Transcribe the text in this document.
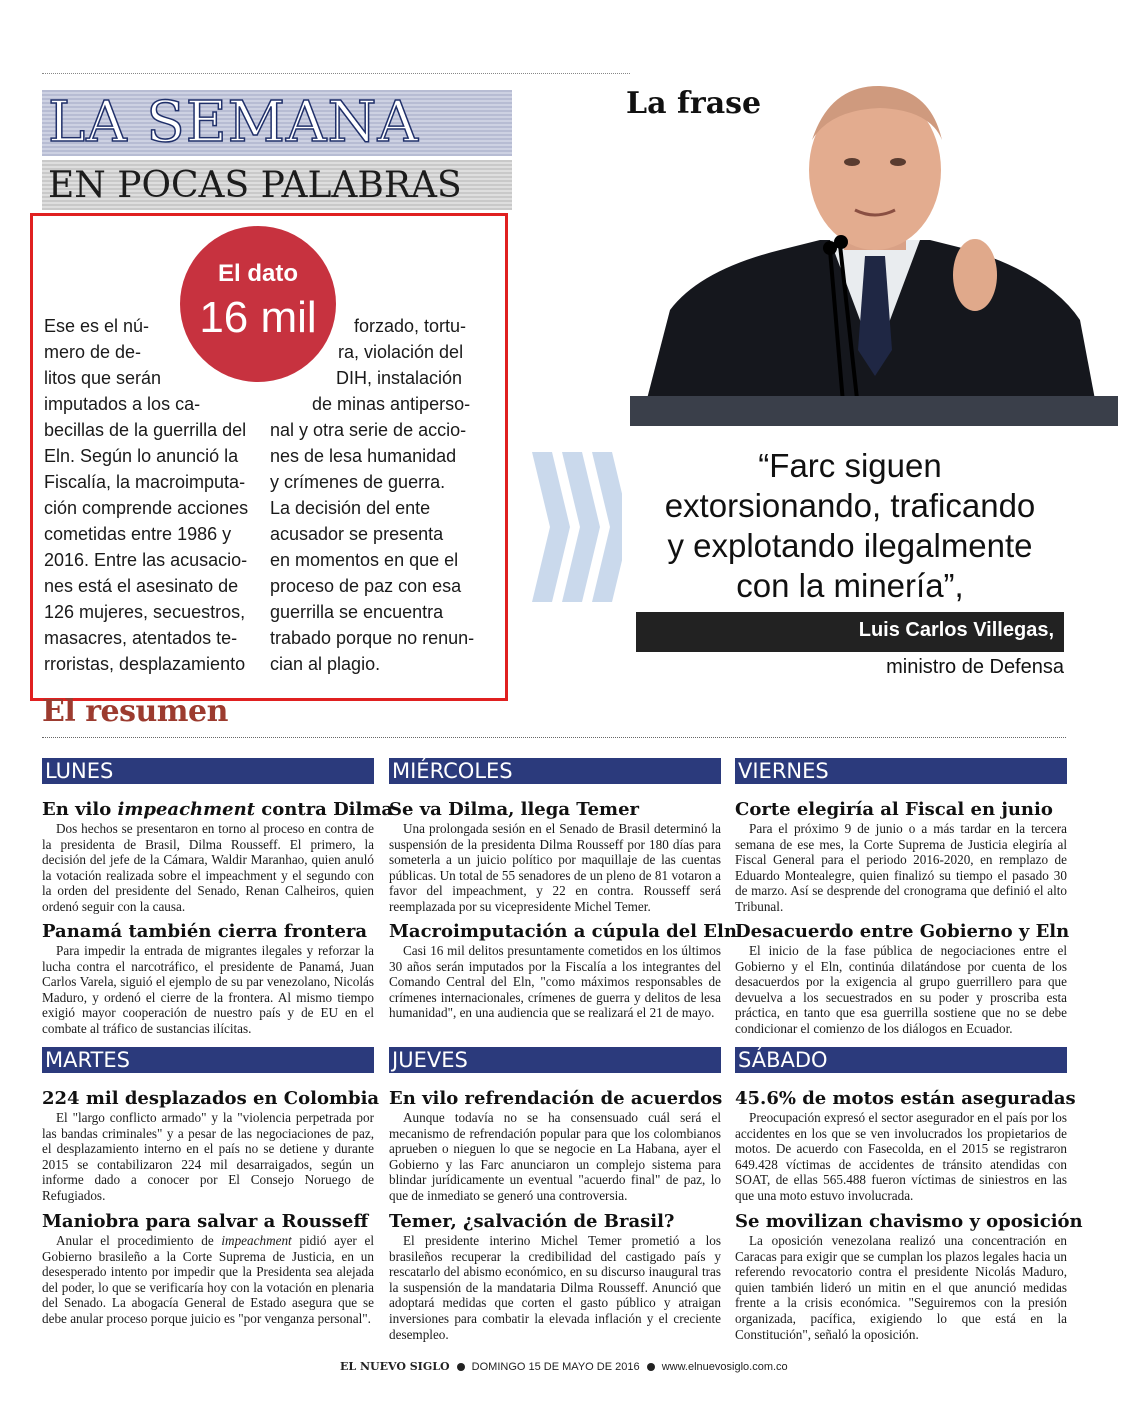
LA SEMANA
EN POCAS PALABRAS
El dato
16 mil
Ese es el nú-
mero de de-
litos que serán
imputados a los ca-
becillas de la guerrilla del
Eln. Según lo anunció la
Fiscalía, la macroimputa-
ción comprende acciones
cometidas entre 1986 y
2016. Entre las acusacio-
nes está el asesinato de
126 mujeres, secuestros,
masacres, atentados te-
rroristas, desplazamiento
forzado, tortu-
ra, violación del
DIH, instalación
de minas antiperso-
nal y otra serie de accio-
nes de lesa humanidad
y crímenes de guerra.
La decisión del ente
acusador se presenta
en momentos en que el
proceso de paz con esa
guerrilla se encuentra
trabado porque no renun-
cian al plagio.
La frase
“Farc siguen
extorsionando, traficando
y explotando ilegalmente
con la minería”,
Luis Carlos Villegas,
ministro de Defensa
El resumen
LUNES
En vilo impeachment contra Dilma

Dos hechos se presentaron en torno al proceso en contra de la presidenta de Brasil, Dilma Rousseff. El primero, la decisión del jefe de la Cámara, Waldir Maranhao, quien anuló la votación realizada sobre el impeachment y el segundo con la orden del presidente del Senado, Renan Calheiros, quien ordenó seguir con la causa.

Panamá también cierra frontera

Para impedir la entrada de migrantes ilegales y reforzar la lucha contra el narcotráfico, el presidente de Panamá, Juan Carlos Varela, siguió el ejemplo de su par venezolano, Nicolás Maduro, y ordenó el cierre de la frontera. Al mismo tiempo exigió mayor cooperación de nuestro país y de EU en el combate al tráfico de sustancias ilícitas.

MIÉRCOLES
Se va Dilma, llega Temer

Una prolongada sesión en el Senado de Brasil determinó la suspensión de la presidenta Dilma Rousseff por 180 días para someterla a un juicio político por maquillaje de las cuentas públicas. Un total de 55 senadores de un pleno de 81 votaron a favor del impeachment, y 22 en contra. Rousseff será reemplazada por su vicepresidente Michel Temer.

Macroimputación a cúpula del Eln

Casi 16 mil delitos presuntamente cometidos en los últimos 30 años serán imputados por la Fiscalía a los integrantes del Comando Central del Eln, "como máximos responsables de crímenes internacionales, crímenes de guerra y delitos de lesa humanidad", en una audiencia que se realizará el 21 de mayo.

VIERNES
Corte elegiría al Fiscal en junio

Para el próximo 9 de junio o a más tardar en la tercera semana de ese mes, la Corte Suprema de Justicia elegiría al Fiscal General para el periodo 2016-2020, en remplazo de Eduardo Montealegre, quien finalizó su tiempo el pasado 30 de marzo. Así se desprende del cronograma que definió el alto Tribunal.

Desacuerdo entre Gobierno y Eln

El inicio de la fase pública de negociaciones entre el Gobierno y el Eln, continúa dilatándose por cuenta de los desacuerdos por la exigencia al grupo guerrillero para que devuelva a los secuestrados en su poder y proscriba esta práctica, en tanto que esa guerrilla sostiene que no se debe condicionar el comienzo de los diálogos en Ecuador.

MARTES
224 mil desplazados en Colombia

El "largo conflicto armado" y la "violencia perpetrada por las bandas criminales" y a pesar de las negociaciones de paz, el desplazamiento interno en el país no se detiene y durante 2015 se contabilizaron 224 mil desarraigados, según un informe dado a conocer por El Consejo Noruego de Refugiados.

Maniobra para salvar a Rousseff

Anular el procedimiento de impeachment pidió ayer el Gobierno brasileño a la Corte Suprema de Justicia, en un desesperado intento por impedir que la Presidenta sea alejada del poder, lo que se verificaría hoy con la votación en plenaria del Senado. La abogacía General de Estado asegura que se debe anular proceso porque juicio es "por venganza personal".

JUEVES
En vilo refrendación de acuerdos

Aunque todavía no se ha consensuado cuál será el mecanismo de refrendación popular para que los colombianos aprueben o nieguen lo que se negocie en La Habana, ayer el Gobierno y las Farc anunciaron un complejo sistema para blindar jurídicamente un eventual "acuerdo final" de paz, lo que de inmediato se generó una controversia.

Temer, ¿salvación de Brasil?

El presidente interino Michel Temer prometió a los brasileños recuperar la credibilidad del castigado país y rescatarlo del abismo económico, en su discurso inaugural tras la suspensión de la mandataria Dilma Rousseff. Anunció que adoptará medidas que corten el gasto público y atraigan inversiones para combatir la elevada inflación y el creciente desempleo.

SÁBADO
45.6% de motos están aseguradas

Preocupación expresó el sector asegurador en el país por los accidentes en los que se ven involucrados los propietarios de motos. De acuerdo con Fasecolda, en el 2015 se registraron 649.428 víctimas de accidentes de tránsito atendidas con SOAT, de ellas 565.488 fueron víctimas de siniestros en las que una moto estuvo involucrada.

Se movilizan chavismo y oposición

La oposición venezolana realizó una concentración en Caracas para exigir que se cumplan los plazos legales hacia un referendo revocatorio contra el presidente Nicolás Maduro, quien también lideró un mitin en el que anunció medidas frente a la crisis económica. "Seguiremos con la presión organizada, pacífica, exigiendo lo que está en la Constitución", señaló la oposición.

EL NUEVO SIGLO DOMINGO 15 DE MAYO DE 2016 www.elnuevosiglo.com.co
